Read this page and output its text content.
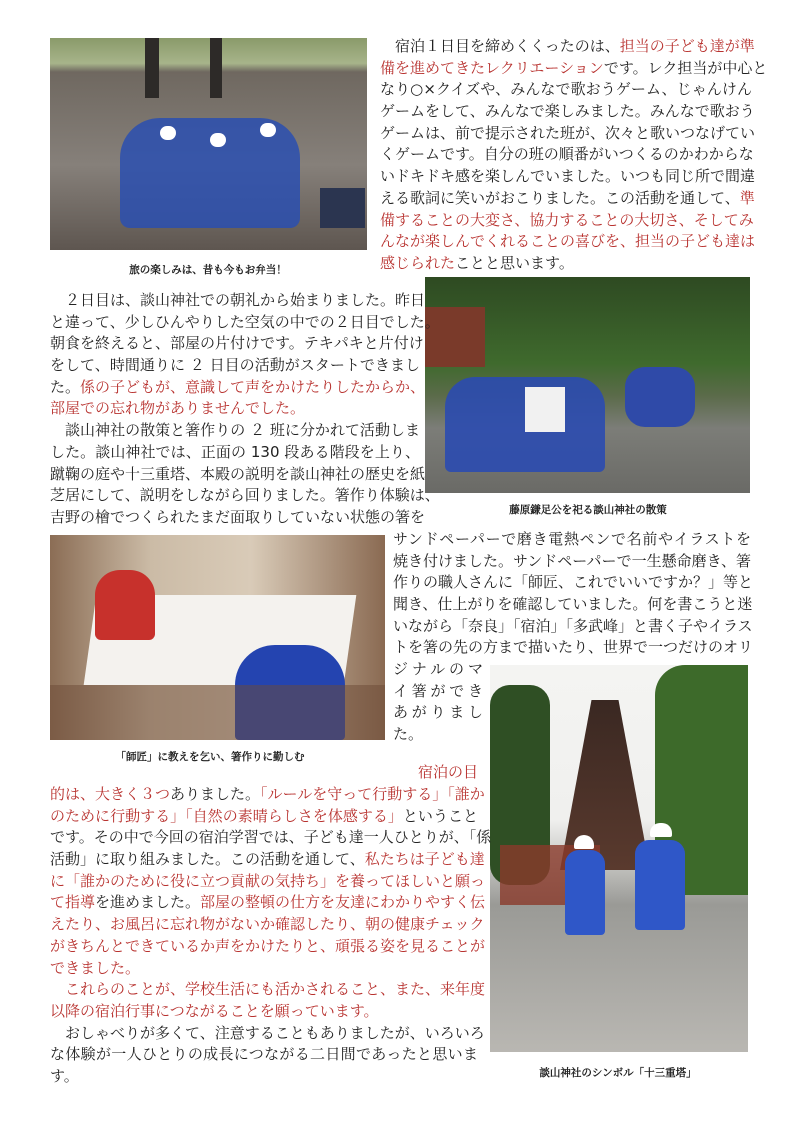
旅の楽しみは、昔も今もお弁当！
藤原鎌足公を祀る談山神社の散策
「師匠」に教えを乞い、箸作りに勤しむ
談山神社のシンボル「十三重塔」
　宿泊１日目を締めくくったのは、担当の子ども達が準
備を進めてきたレクリエーションです。レク担当が中心と
なり○×クイズや、みんなで歌おうゲーム、じゃんけん
ゲームをして、みんなで楽しみました。みんなで歌おう
ゲームは、前で提示された班が、次々と歌いつなげてい
くゲームです。自分の班の順番がいつくるのかわからな
いドキドキ感を楽しんでいました。いつも同じ所で間違
える歌詞に笑いがおこりました。この活動を通して、準
備することの大変さ、協力することの大切さ、そしてみ
んなが楽しんでくれることの喜びを、担当の子ども達は
感じられたことと思います。
　２日目は、談山神社での朝礼から始まりました。昨日
と違って、少しひんやりした空気の中での２日目でした。
朝食を終えると、部屋の片付けです。テキパキと片付け
をして、時間通りに ２ 日目の活動がスタートできまし
た。係の子どもが、意識して声をかけたりしたからか、
部屋での忘れ物がありませんでした。
　談山神社の散策と箸作りの ２ 班に分かれて活動しま
した。談山神社では、正面の 130 段ある階段を上り、
蹴鞠の庭や十三重塔、本殿の説明を談山神社の歴史を紙
芝居にして、説明をしながら回りました。箸作り体験は、
吉野の檜でつくられたまだ面取りしていない状態の箸を
サンドペーパーで磨き電熱ペンで名前やイラストを
焼き付けました。サンドペーパーで一生懸命磨き、箸
作りの職人さんに「師匠、これでいいですか？」等と
聞き、仕上がりを確認していました。何を書こうと迷
いながら「奈良」「宿泊」「多武峰」と書く子やイラス
トを箸の先の方まで描いたり、世界で一つだけのオリ
ジナルのマ
イ箸ができ
あがりまし
た。
宿泊の目
的は、大きく３つありました。「ルールを守って行動する」「誰か
のために行動する」「自然の素晴らしさを体感する」ということ
です。その中で今回の宿泊学習では、子ども達一人ひとりが、「係
活動」に取り組みました。この活動を通して、私たちは子ども達
に「誰かのために役に立つ貢献の気持ち」を養ってほしいと願っ
て指導を進めました。部屋の整頓の仕方を友達にわかりやすく伝
えたり、お風呂に忘れ物がないか確認したり、朝の健康チェック
がきちんとできているか声をかけたりと、頑張る姿を見ることが
できました。
　これらのことが、学校生活にも活かされること、また、来年度
以降の宿泊行事につながることを願っています。
　おしゃべりが多くて、注意することもありましたが、いろいろ
な体験が一人ひとりの成長につながる二日間であったと思いま
す。
